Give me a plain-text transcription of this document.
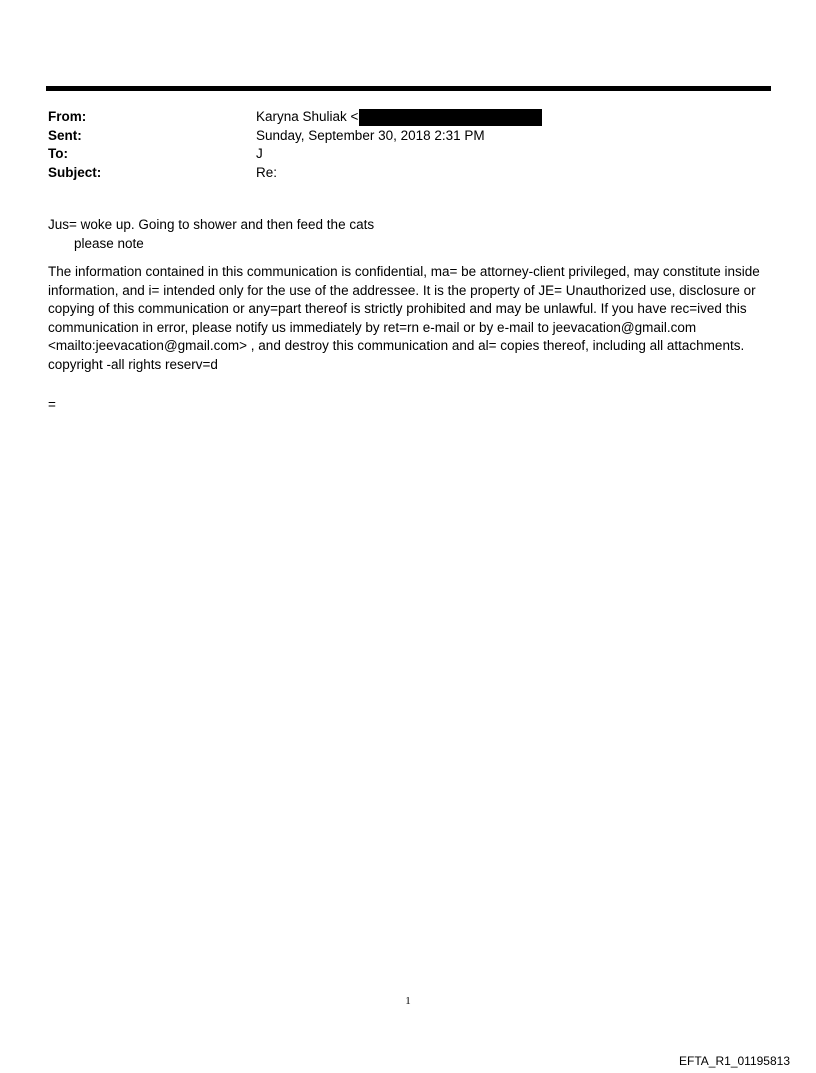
From:	Karyna Shuliak <
Sent:	Sunday, September 30, 2018 2:31 PM
To:	J
Subject:	Re:
Jus= woke up. Going to shower and then feed the cats
please note
The information contained in this communication is confidential, ma= be attorney-client privileged, may constitute inside information, and i= intended only for the use of the addressee. It is the property of JE= Unauthorized use, disclosure or copying of this communication or any=part thereof is strictly prohibited and may be unlawful. If you have rec=ived this communication in error, please notify us immediately by ret=rn e-mail or by e-mail to jeevacation@gmail.com <mailto:jeevacation@gmail.com> , and destroy this communication and al= copies thereof, including all attachments. copyright -all rights reserv=d
=
1
EFTA_R1_01195813
